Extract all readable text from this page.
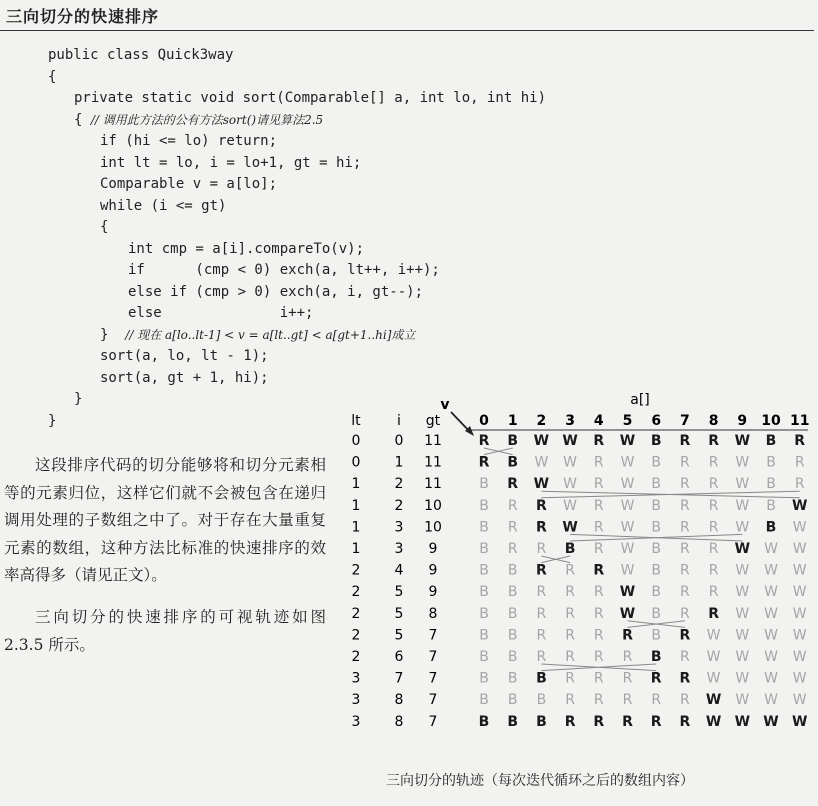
三向切分的快速排序
public class Quick3way
{
private static void sort(Comparable[] a, int lo, int hi)
{ // 调用此方法的公有方法sort()请见算法2.5
if (hi <= lo) return;
int lt = lo, i = lo+1, gt = hi;
Comparable v = a[lo];
while (i <= gt)
{
int cmp = a[i].compareTo(v);
if      (cmp < 0) exch(a, lt++, i++);
else if (cmp > 0) exch(a, i, gt--);
else              i++;
}  // 现在 a[lo..lt-1] < v = a[lt..gt] < a[gt+1..hi]成立
sort(a, lo, lt - 1);
sort(a, gt + 1, hi);
}
}
这段排序代码的切分能够将和切分元素相等的元素归位，这样它们就不会被包含在递归调用处理的子数组之中了。对于存在大量重复元素的数组，这种方法比标准的快速排序的效率高得多（请见正文）。
三向切分的快速排序的可视轨迹如图 2.3.5 所示。
a[]
v
lt	i gt	0 1 2 3 4 5 6 7 8 9 10 11
0 0 11	R B W W R W B R R W B R
0 1 11	R B W W R W B R R W B R
1 2 11	B R W W R W B R R W B R
1 2 10	B R R W R W B R R W B W
1 3 10	B R R W R W B R R W B W
1 3 9	B R R B R W B R R W W W
2 4 9	B B R R R W B R R W W W
2 5 9	B B R R R W B R R W W W
2 5 8	B B R R R W B R R W W W
2 5 7	B B R R R R B R W W W W
2 6 7	B B R R R R B R W W W W
3 7 7	B B B R R R R R W W W W
3 8 7	B B B R R R R R W W W W
3 8 7	B B B R R R R R W W W W
三向切分的轨迹（每次迭代循环之后的数组内容）
